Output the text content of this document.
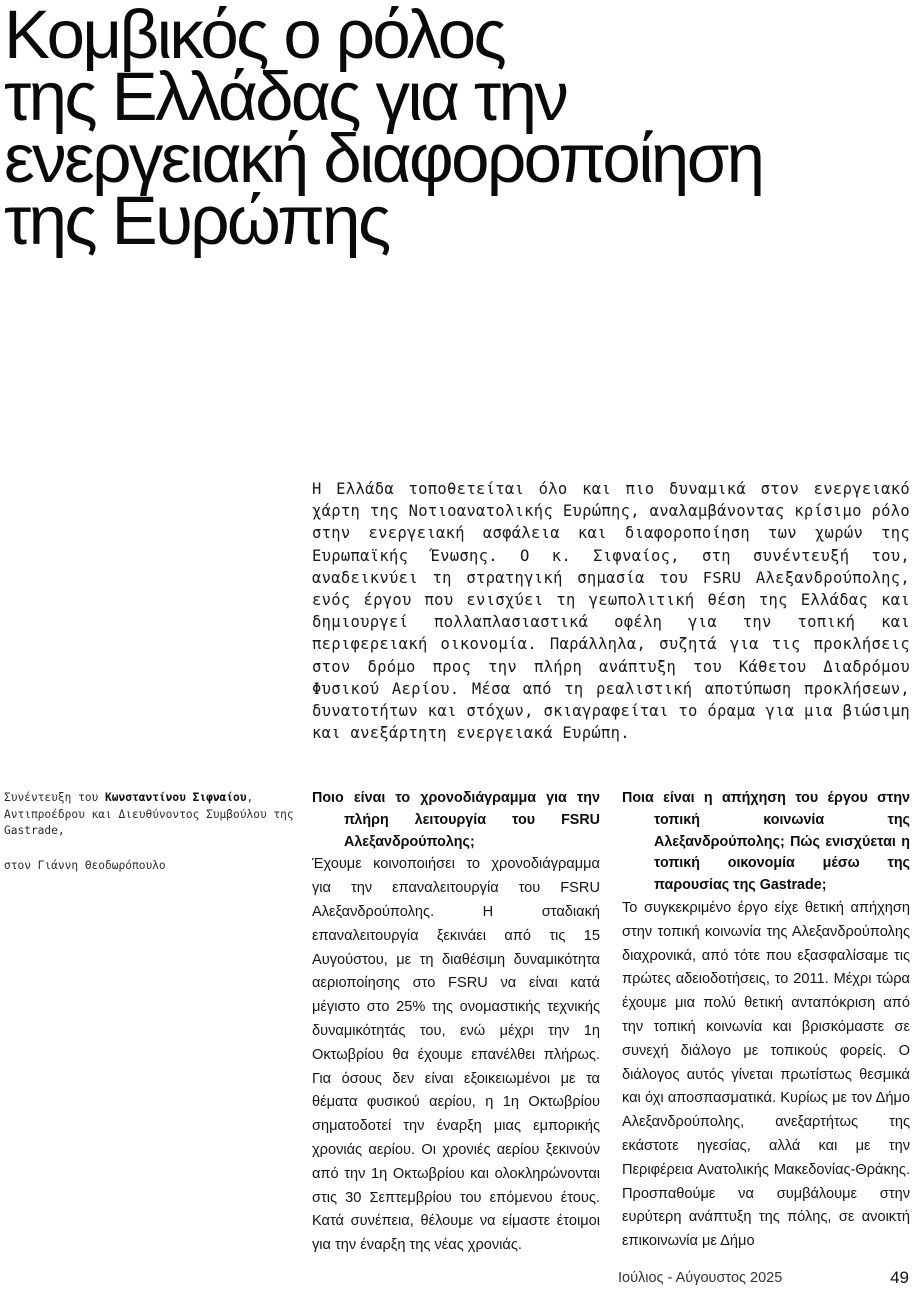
Κομβικός ο ρόλος
της Ελλάδας για την
ενεργειακή διαφοροποίηση
της Ευρώπης

Η Ελλάδα τοποθετείται όλο και πιο δυναμικά στον ενεργειακό χάρτη της Νοτιοανατολικής Ευρώπης, αναλαμβάνοντας κρίσιμο ρόλο στην ενεργειακή ασφάλεια και διαφοροποίηση των χωρών της Ευρωπαϊκής Ένωσης. Ο κ. Σιφναίος, στη συνέντευξή του, αναδεικνύει τη στρατηγική σημασία του FSRU Αλεξανδρούπολης, ενός έργου που ενισχύει τη γεωπολιτική θέση της Ελλάδας και δημιουργεί πολλαπλασιαστικά οφέλη για την τοπική και περιφερειακή οικονομία. Παράλληλα, συζητά για τις προκλήσεις στον δρόμο προς την πλήρη ανάπτυξη του Κάθετου Διαδρόμου Φυσικού Αερίου. Μέσα από τη ρεαλιστική αποτύπωση προκλήσεων, δυνατοτήτων και στόχων, σκιαγραφείται το όραμα για μια βιώσιμη και ανεξάρτητη ενεργειακά Ευρώπη.

Συνέντευξη του Κωνσταντίνου Σιφναίου, Αντιπροέδρου και Διευθύνοντος Συμβούλου της Gastrade,

στον Γιάννη Θεοδωρόπουλο

Ποιο είναι το χρονοδιάγραμμα για την πλήρη λειτουργία του FSRU Αλεξανδρούπολης;

Έχουμε κοινοποιήσει το χρονοδιάγραμμα για την επαναλειτουργία του FSRU Αλεξανδρούπολης. Η σταδιακή επαναλειτουργία ξεκινάει από τις 15 Αυγούστου, με τη διαθέσιμη δυναμικότητα αεριοποίησης στο FSRU να είναι κατά μέγιστο στο 25% της ονομαστικής τεχνικής δυναμικότητάς του, ενώ μέχρι την 1η Οκτωβρίου θα έχουμε επανέλθει πλήρως. Για όσους δεν είναι εξοικειωμένοι με τα θέματα φυσικού αερίου, η 1η Οκτωβρίου σηματοδοτεί την έναρξη μιας εμπορικής χρονιάς αερίου. Οι χρονιές αερίου ξεκινούν από την 1η Οκτωβρίου και ολοκληρώνονται στις 30 Σεπτεμβρίου του επόμενου έτους. Κατά συνέπεια, θέλουμε να είμαστε έτοιμοι για την έναρξη της νέας χρονιάς.

Ποια είναι η απήχηση του έργου στην τοπική κοινωνία της Αλεξανδρούπολης; Πώς ενισχύεται η τοπική οικονομία μέσω της παρουσίας της Gastrade;

Το συγκεκριμένο έργο είχε θετική απήχηση στην τοπική κοινωνία της Αλεξανδρούπολης διαχρονικά, από τότε που εξασφαλίσαμε τις πρώτες αδειοδοτήσεις, το 2011. Μέχρι τώρα έχουμε μια πολύ θετική ανταπόκριση από την τοπική κοινωνία και βρισκόμαστε σε συνεχή διάλογο με τοπικούς φορείς. Ο διάλογος αυτός γίνεται πρωτίστως θεσμικά και όχι αποσπασματικά. Κυρίως με τον Δήμο Αλεξανδρούπολης, ανεξαρτήτως της εκάστοτε ηγεσίας, αλλά και με την Περιφέρεια Ανατολικής Μακεδονίας-Θράκης. Προσπαθούμε να συμβάλουμε στην ευρύτερη ανάπτυξη της πόλης, σε ανοικτή επικοινωνία με Δήμο

Ιούλιος - Αύγουστος 2025	49
